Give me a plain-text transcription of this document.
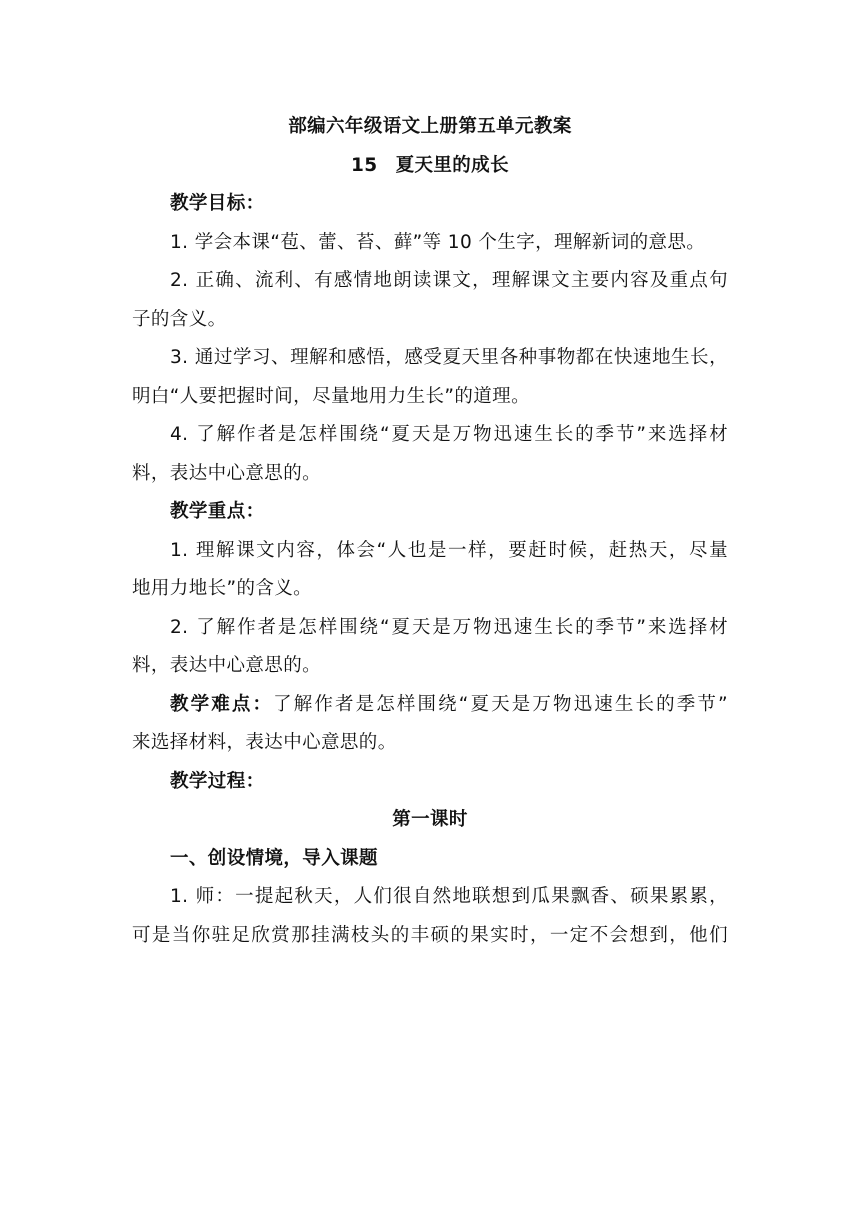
部编六年级语文上册第五单元教案
15 夏天里的成长
教学目标：
1. 学会本课“苞、蕾、苔、藓”等 10 个生字，理解新词的意思。
2. 正确、流利、有感情地朗读课文，理解课文主要内容及重点句
子的含义。
3. 通过学习、理解和感悟，感受夏天里各种事物都在快速地生长，
明白“人要把握时间，尽量地用力生长”的道理。
4. 了解作者是怎样围绕“夏天是万物迅速生长的季节”来选择材
料，表达中心意思的。
教学重点：
1. 理解课文内容，体会“人也是一样，要赶时候，赶热天，尽量
地用力地长”的含义。
2. 了解作者是怎样围绕“夏天是万物迅速生长的季节”来选择材
料，表达中心意思的。
教学难点：了解作者是怎样围绕“夏天是万物迅速生长的季节”
来选择材料，表达中心意思的。
教学过程：
第一课时
一、创设情境，导入课题
1. 师：一提起秋天，人们很自然地联想到瓜果飘香、硕果累累，
可是当你驻足欣赏那挂满枝头的丰硕的果实时，一定不会想到，他们
